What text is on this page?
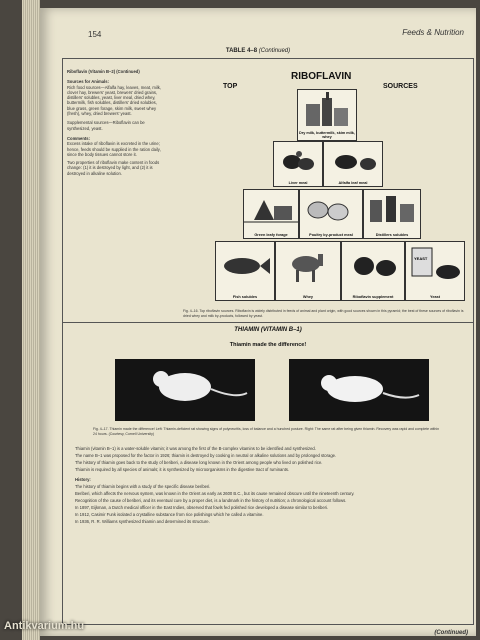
154	Feeds & Nutrition
TABLE 4–8 (Continued)

Riboflavin (Vitamin B–2) (Continued)

Sources for Animals:

Rich food sources—Alfalfa hay, leaves, meat, milk, clover hay, brewers' yeast, brewers' dried grains, distillers' solubles, yeast, liver meal, dried whey, buttermilk, fish solubles, distillers' dried solubles, blue grass, green forage, skim milk, sweet whey (fresh), whey, dried brewers' yeast.

Supplemental sources—Riboflavin can be synthesized, yeast.

Comments:

Excess intake of riboflavin is excreted in the urine; hence, feeds should be supplied in the ration daily, since the body tissues cannot store it.

Two properties of riboflavin make content in foods change: (1) it is destroyed by light, and (2) it is destroyed in alkaline solution.

TOP
RIBOFLAVIN
SOURCES
Dry milk, buttermilk, skim milk, whey
Liver meal	Alfalfa leaf meal
Green leafy forage	Poultry by-product meal	Distillers solubles
Fish solubles	Whey	Riboflavin supplement
YEAST
Yeast
Fig. 4–16. Top riboflavin sources. Riboflavin is widely distributed in feeds of animal and plant origin, with good sources shown in this pyramid; the best of these sources of riboflavin is dried whey and milk by-products, followed by yeast.
THIAMIN (VITAMIN B–1)
Thiamin made the difference!
Fig. 4–17. Thiamin made the difference! Left: Thiamin-deficient rat showing signs of polyneuritis, loss of balance and a hunched posture. Right: The same rat after being given thiamin. Recovery was rapid and complete within 24 hours. (Courtesy, Cornell University)

Thiamin (vitamin B–1) is a water-soluble vitamin; it was among the first of the B-complex vitamins to be identified and synthesized.

The name B–1 was proposed for the factor in 1926; thiamin is destroyed by cooking in neutral or alkaline solutions and by prolonged storage.

The history of thiamin goes back to the study of beriberi, a disease long known in the Orient among people who lived on polished rice.

Thiamin is required by all species of animals; it is synthesized by microorganisms in the digestive tract of ruminants.

History:

The history of thiamin begins with a study of the specific disease beriberi.

Beriberi, which affects the nervous system, was known in the Orient as early as 2600 B.C., but its cause remained obscure until the nineteenth century.

Recognition of the cause of beriberi, and its eventual cure by a proper diet, is a landmark in the history of nutrition; a chronological account follows.

In 1897, Eijkman, a Dutch medical officer in the East Indies, observed that fowls fed polished rice developed a disease similar to beriberi.

In 1912, Casimir Funk isolated a crystalline substance from rice polishings which he called a vitamine.

In 1936, R. R. Williams synthesized thiamin and determined its structure.

(Continued)
Antikvarium.hu
